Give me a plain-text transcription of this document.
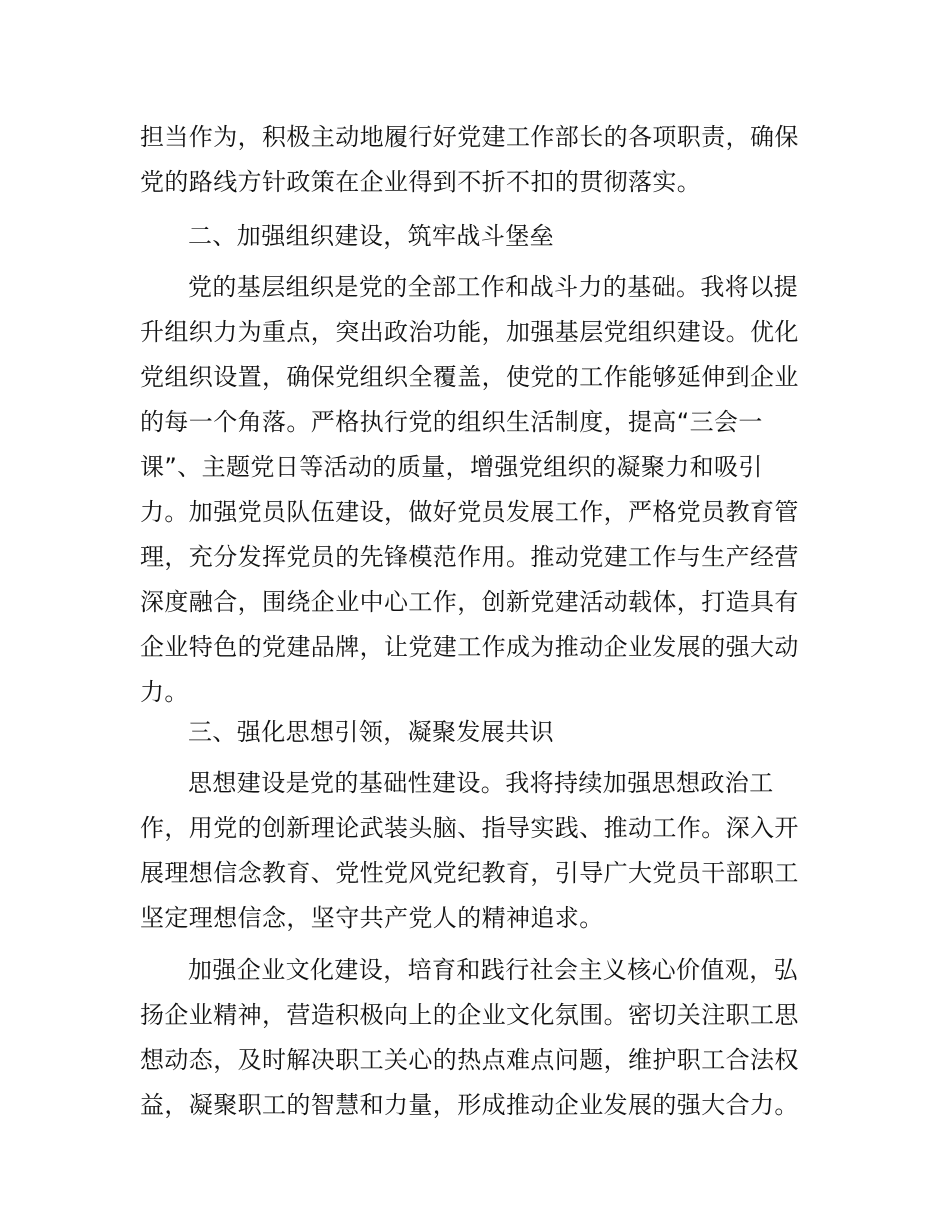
担当作为，积极主动地履行好党建工作部长的各项职责，确保
党的路线方针政策在企业得到不折不扣的贯彻落实。
二、加强组织建设，筑牢战斗堡垒
党的基层组织是党的全部工作和战斗力的基础。我将以提
升组织力为重点，突出政治功能，加强基层党组织建设。优化
党组织设置，确保党组织全覆盖，使党的工作能够延伸到企业
的每一个角落。严格执行党的组织生活制度，提高“三会一
课”、主题党日等活动的质量，增强党组织的凝聚力和吸引
力。加强党员队伍建设，做好党员发展工作，严格党员教育管
理，充分发挥党员的先锋模范作用。推动党建工作与生产经营
深度融合，围绕企业中心工作，创新党建活动载体，打造具有
企业特色的党建品牌，让党建工作成为推动企业发展的强大动
力。
三、强化思想引领，凝聚发展共识
思想建设是党的基础性建设。我将持续加强思想政治工
作，用党的创新理论武装头脑、指导实践、推动工作。深入开
展理想信念教育、党性党风党纪教育，引导广大党员干部职工
坚定理想信念，坚守共产党人的精神追求。
加强企业文化建设，培育和践行社会主义核心价值观，弘
扬企业精神，营造积极向上的企业文化氛围。密切关注职工思
想动态，及时解决职工关心的热点难点问题，维护职工合法权
益，凝聚职工的智慧和力量，形成推动企业发展的强大合力。
